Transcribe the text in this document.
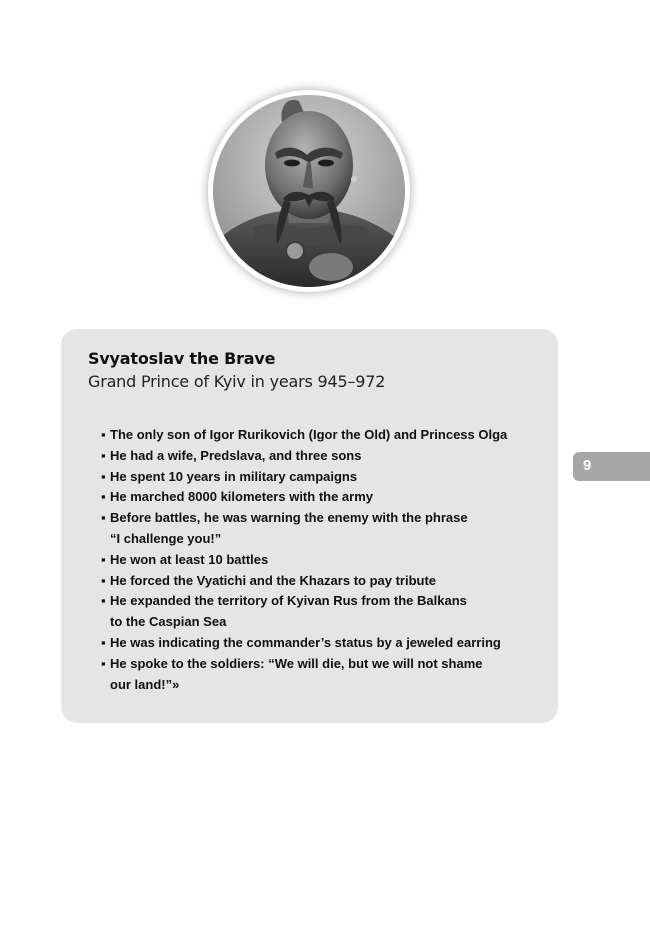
Svyatoslav the Brave

Grand Prince of Kyiv in years 945–972

▪ The only son of Igor Rurikovich (Igor the Old) and Princess Olga
▪ He had a wife, Predslava, and three sons
▪ He spent 10 years in military campaigns
▪ He marched 8000 kilometers with the army
▪ Before battles, he was warning the enemy with the phrase
“I challenge you!”
▪ He won at least 10 battles
▪ He forced the Vyatichi and the Khazars to pay tribute
▪ He expanded the territory of Kyivan Rus from the Balkans
to the Caspian Sea
▪ He was indicating the commander’s status by a jeweled earring
▪ He spoke to the soldiers: “We will die, but we will not shame
our land!”»
9
